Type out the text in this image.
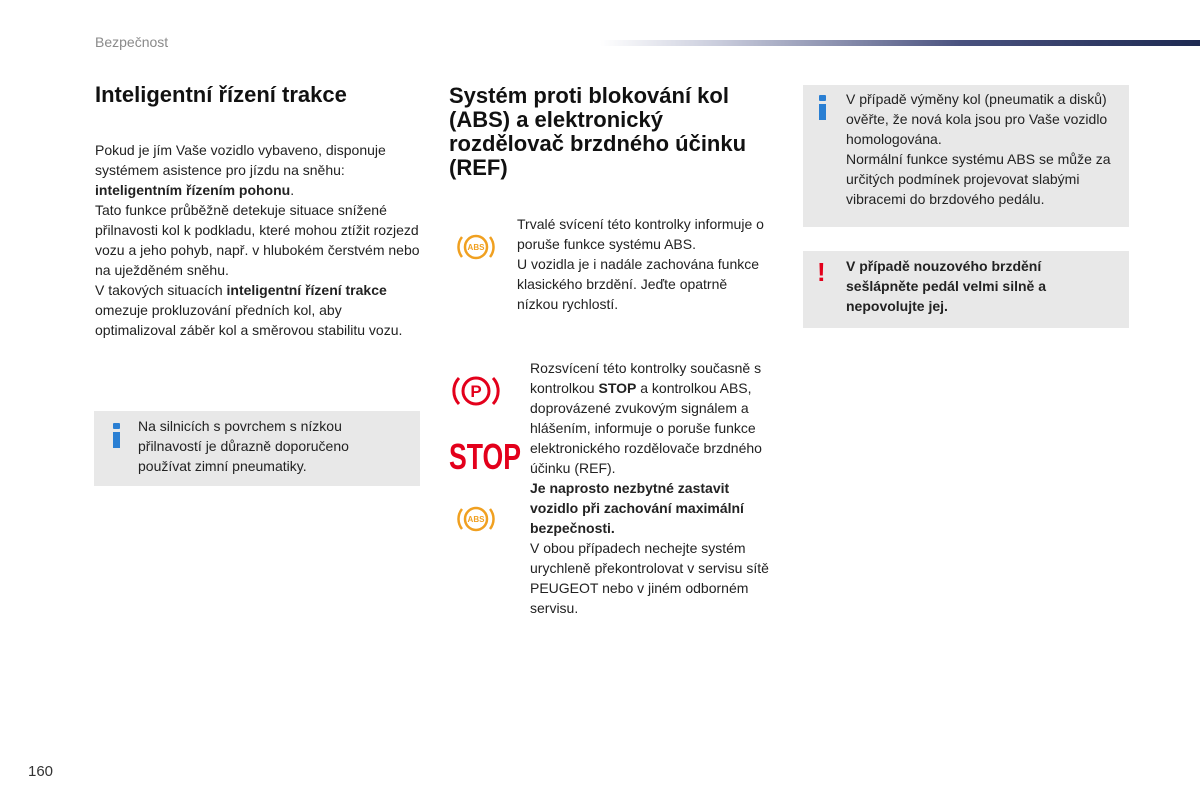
Bezpečnost
Inteligentní řízení trakce

Pokud je jím Vaše vozidlo vybaveno, disponuje systémem asistence pro jízdu na sněhu: inteligentním řízením pohonu.

Tato funkce průběžně detekuje situace snížené přilnavosti kol k podkladu, které mohou ztížit rozjezd vozu a jeho pohyb, např. v hlubokém čerstvém nebo na uježděném sněhu.

V takových situacích inteligentní řízení trakce omezuje prokluzování předních kol, aby optimalizoval záběr kol a směrovou stabilitu vozu.

Na silnicích s povrchem s nízkou přilnavostí je důrazně doporučeno používat zimní pneumatiky.
Systém proti blokování kol (ABS) a elektronický rozdělovač brzdného účinku (REF)
ABS

Trvalé svícení této kontrolky informuje o poruše funkce systému ABS.

U vozidla je i nadále zachována funkce klasického brzdění. Jeďte opatrně nízkou rychlostí.

P
STOP
ABS

Rozsvícení této kontrolky současně s kontrolkou STOP a kontrolkou ABS, doprovázené zvukovým signálem a hlášením, informuje o poruše funkce elektronického rozdělovače brzdného účinku (REF).

Je naprosto nezbytné zastavit vozidlo při zachování maximální bezpečnosti.

V obou případech nechejte systém urychleně překontrolovat v servisu sítě PEUGEOT nebo v jiném odborném servisu.

V případě výměny kol (pneumatik a disků) ověřte, že nová kola jsou pro Vaše vozidlo homologována.
Normální funkce systému ABS se může za určitých podmínek projevovat slabými vibracemi do brzdového pedálu.
! V případě nouzového brzdění sešlápněte pedál velmi silně a nepovolujte jej.
160
